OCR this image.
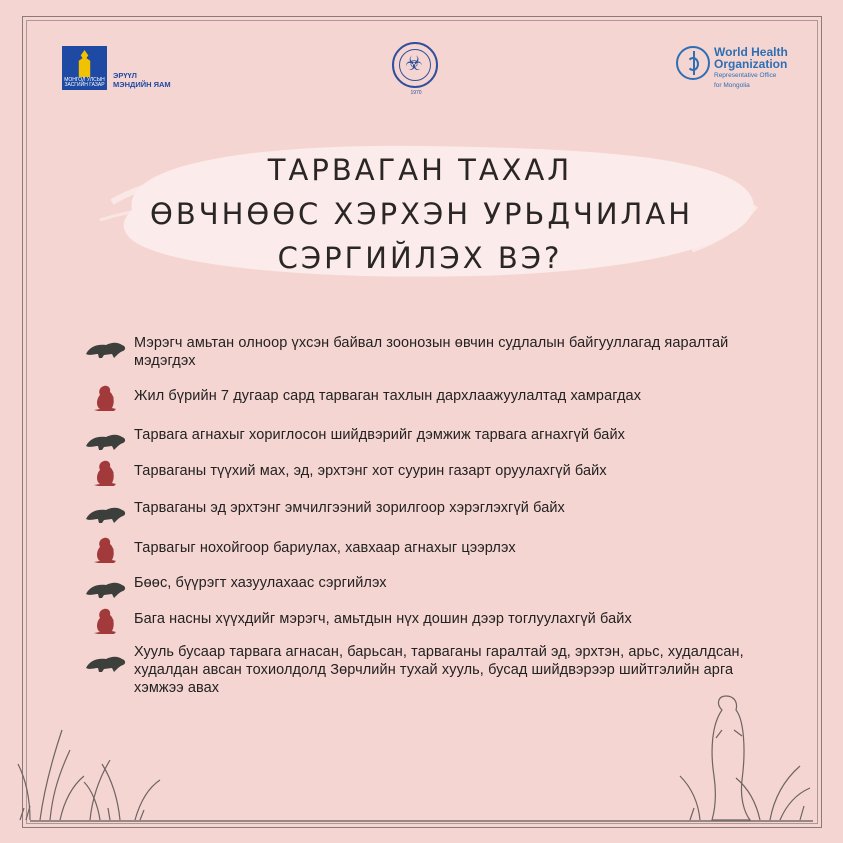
МОНГОЛ УЛСЫН ЗАСГИЙН ГАЗАР
ЭРҮҮЛ
МЭНДИЙН ЯАМ
☣
1970
World Health
Organization
Representative Office
for Mongolia
ТАРВАГАН ТАХАЛ
ӨВЧНӨӨС ХЭРХЭН УРЬДЧИЛАН
СЭРГИЙЛЭХ ВЭ?
Мэрэгч амьтан олноор үхсэн байвал зоонозын өвчин судлалын байгууллагад яаралтай мэдэгдэх
Жил бүрийн 7 дугаар сард тарваган тахлын дархлаажуулалтад хамрагдах
Тарвага агнахыг хориглосон шийдвэрийг дэмжиж тарвага агнахгүй байх
Тарваганы түүхий мах, эд, эрхтэнг хот суурин газарт оруулахгүй байх
Тарваганы эд эрхтэнг эмчилгээний зорилгоор хэрэглэхгүй байх
Тарвагыг нохойгоор бариулах, хавхаар агнахыг цээрлэх
Бөөс, бүүрэгт хазуулахаас сэргийлэх
Бага насны хүүхдийг мэрэгч, амьтдын нүх дошин дээр тоглуулахгүй байх
Хууль бусаар тарвага агнасан, барьсан, тарваганы гаралтай эд, эрхтэн, арьс, худалдсан, худалдан авсан тохиолдолд Зөрчлийн тухай хууль, бусад шийдвэрээр шийтгэлийн арга хэмжээ авах
